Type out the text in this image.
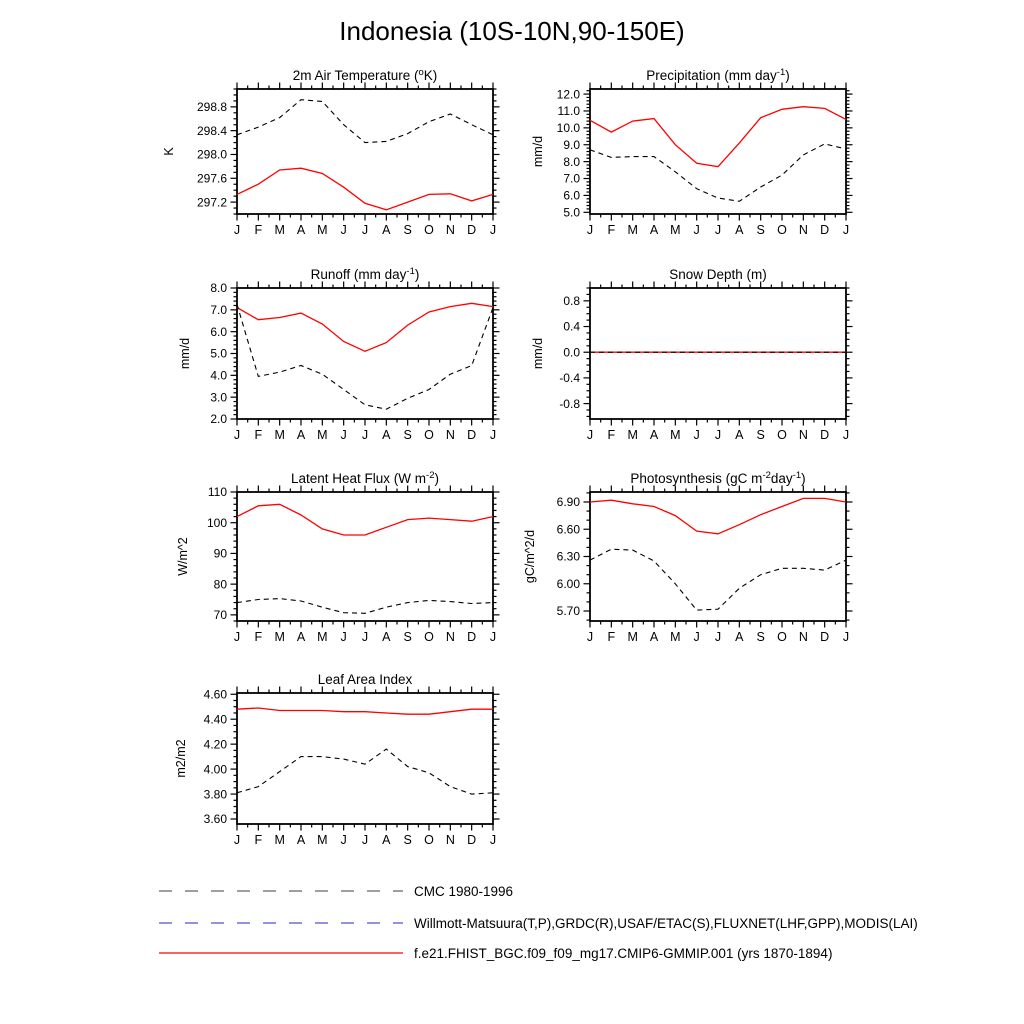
Indonesia (10S-10N,90-150E)
J F M A M J J A S O N D J
297.2
297.6
298.0
298.4
298.8
2m Air Temperature ($^o$K)
K
J F M A M J J A S O N D J
5.0
6.0
7.0
8.0
9.0
10.0
11.0
12.0
Precipitation (mm day$^{-1}$)
mm/d
J F M A M J J A S O N D J
2.0
3.0
4.0
5.0
6.0
7.0
8.0
Runoff (mm day$^{-1}$)
mm/d
J F M A M J J A S O N D J
-0.8
-0.4
0.0
0.4
0.8
Snow Depth (m)
mm/d
J F M A M J J A S O N D J
70
80
90
100
110
Latent Heat Flux (W $m^{-2}$)
W/m^2
J F M A M J J A S O N D J
5.70
6.00
6.30
6.60
6.90
Photosynthesis (gC $m^{-2}day^{-1}$)
gC/m^2/d
J F M A M J J A S O N D J
3.60
3.80
4.00
4.20
4.40
4.60
Leaf Area Index
m2/m2
CMC 1980-1996
Willmott-Matsuura(T,P),GRDC(R),USAF/ETAC(S),FLUXNET(LHF,GPP),MODIS(LAI)
f.e21.FHIST_BGC.f09_f09_mg17.CMIP6-GMMIP.001 (yrs 1870-1894)
